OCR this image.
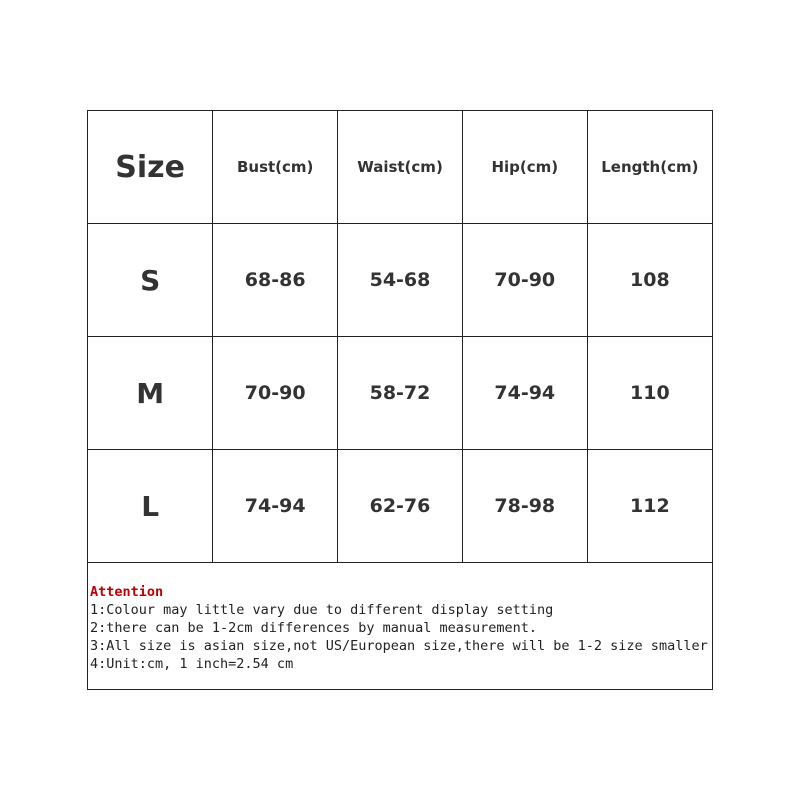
Size	Bust(cm)	Waist(cm)	Hip(cm)	Length(cm)
S	68-86	54-68	70-90	108
M	70-90	58-72	74-94	110
L	74-94	62-76	78-98	112
Attention
1:Colour may little vary due to different display setting
2:there can be 1-2cm differences by manual measurement.
3:All size is asian size,not US/European size,there will be 1-2 size smaller
4:Unit:cm, 1 inch=2.54 cm
